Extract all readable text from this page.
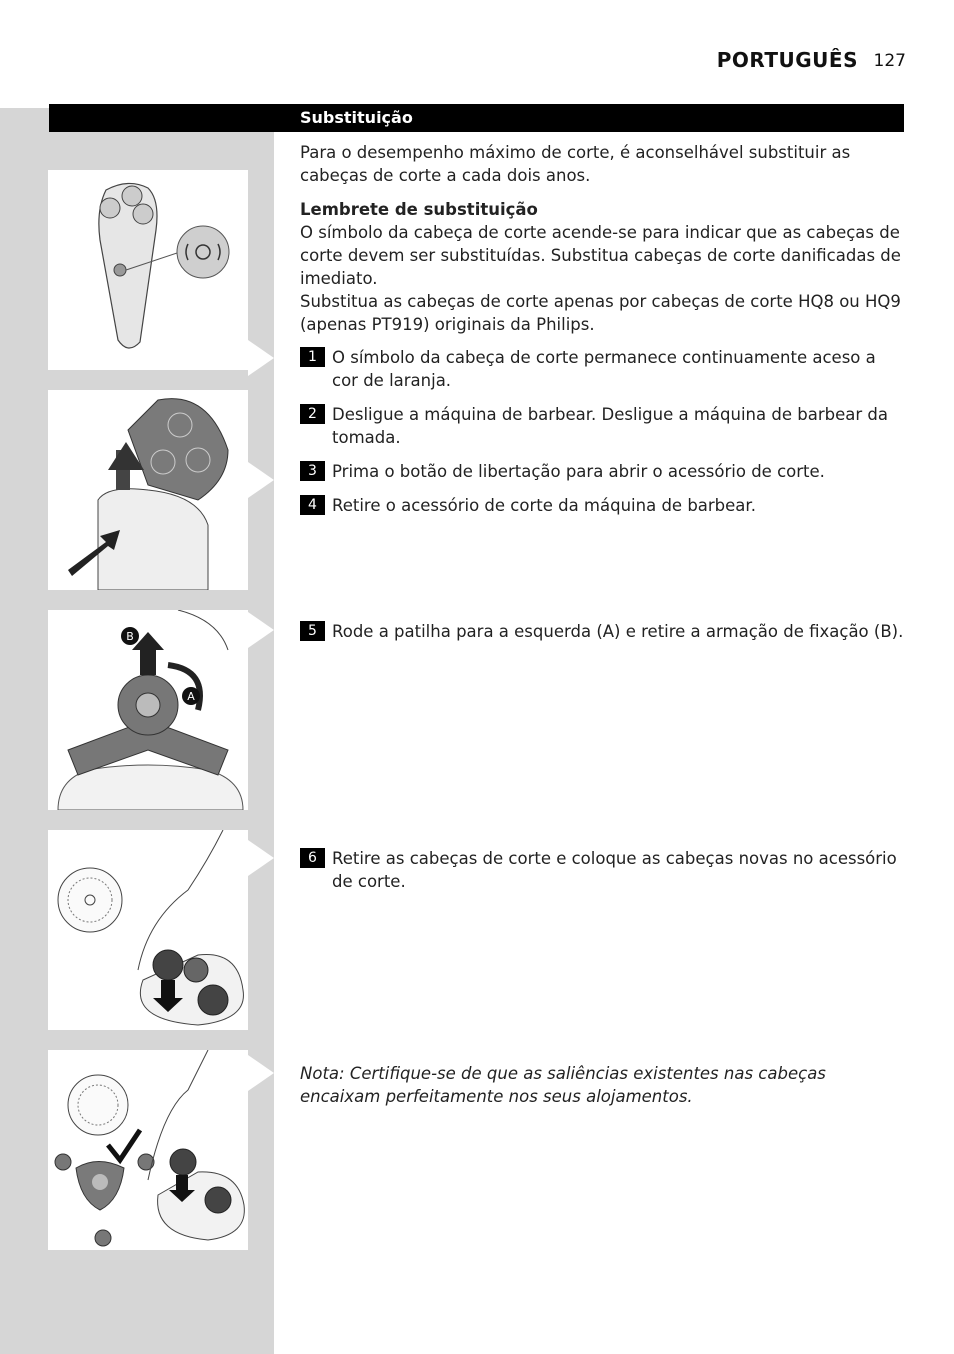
PORTUGUÊS 127
Substituição
Para o desempenho máximo de corte, é aconselhável substituir as cabeças de corte a cada dois anos.
Lembrete de substituição
O símbolo da cabeça de corte acende-se para indicar que as cabeças de corte devem ser substituídas. Substitua cabeças de corte danificadas de imediato.
Substitua as cabeças de corte apenas por cabeças de corte HQ8 ou HQ9 (apenas PT919) originais da Philips.
1 O símbolo da cabeça de corte permanece continuamente aceso a cor de laranja.
2 Desligue a máquina de barbear. Desligue a máquina de barbear da tomada.
3 Prima o botão de libertação para abrir o acessório de corte.
4 Retire o acessório de corte da máquina de barbear.
5 Rode a patilha para a esquerda (A) e retire a armação de fixação (B).
6 Retire as cabeças de corte e coloque as cabeças novas no acessório de corte.
Nota: Certifique-se de que as saliências existentes nas cabeças encaixam perfeitamente nos seus alojamentos.
B
A
